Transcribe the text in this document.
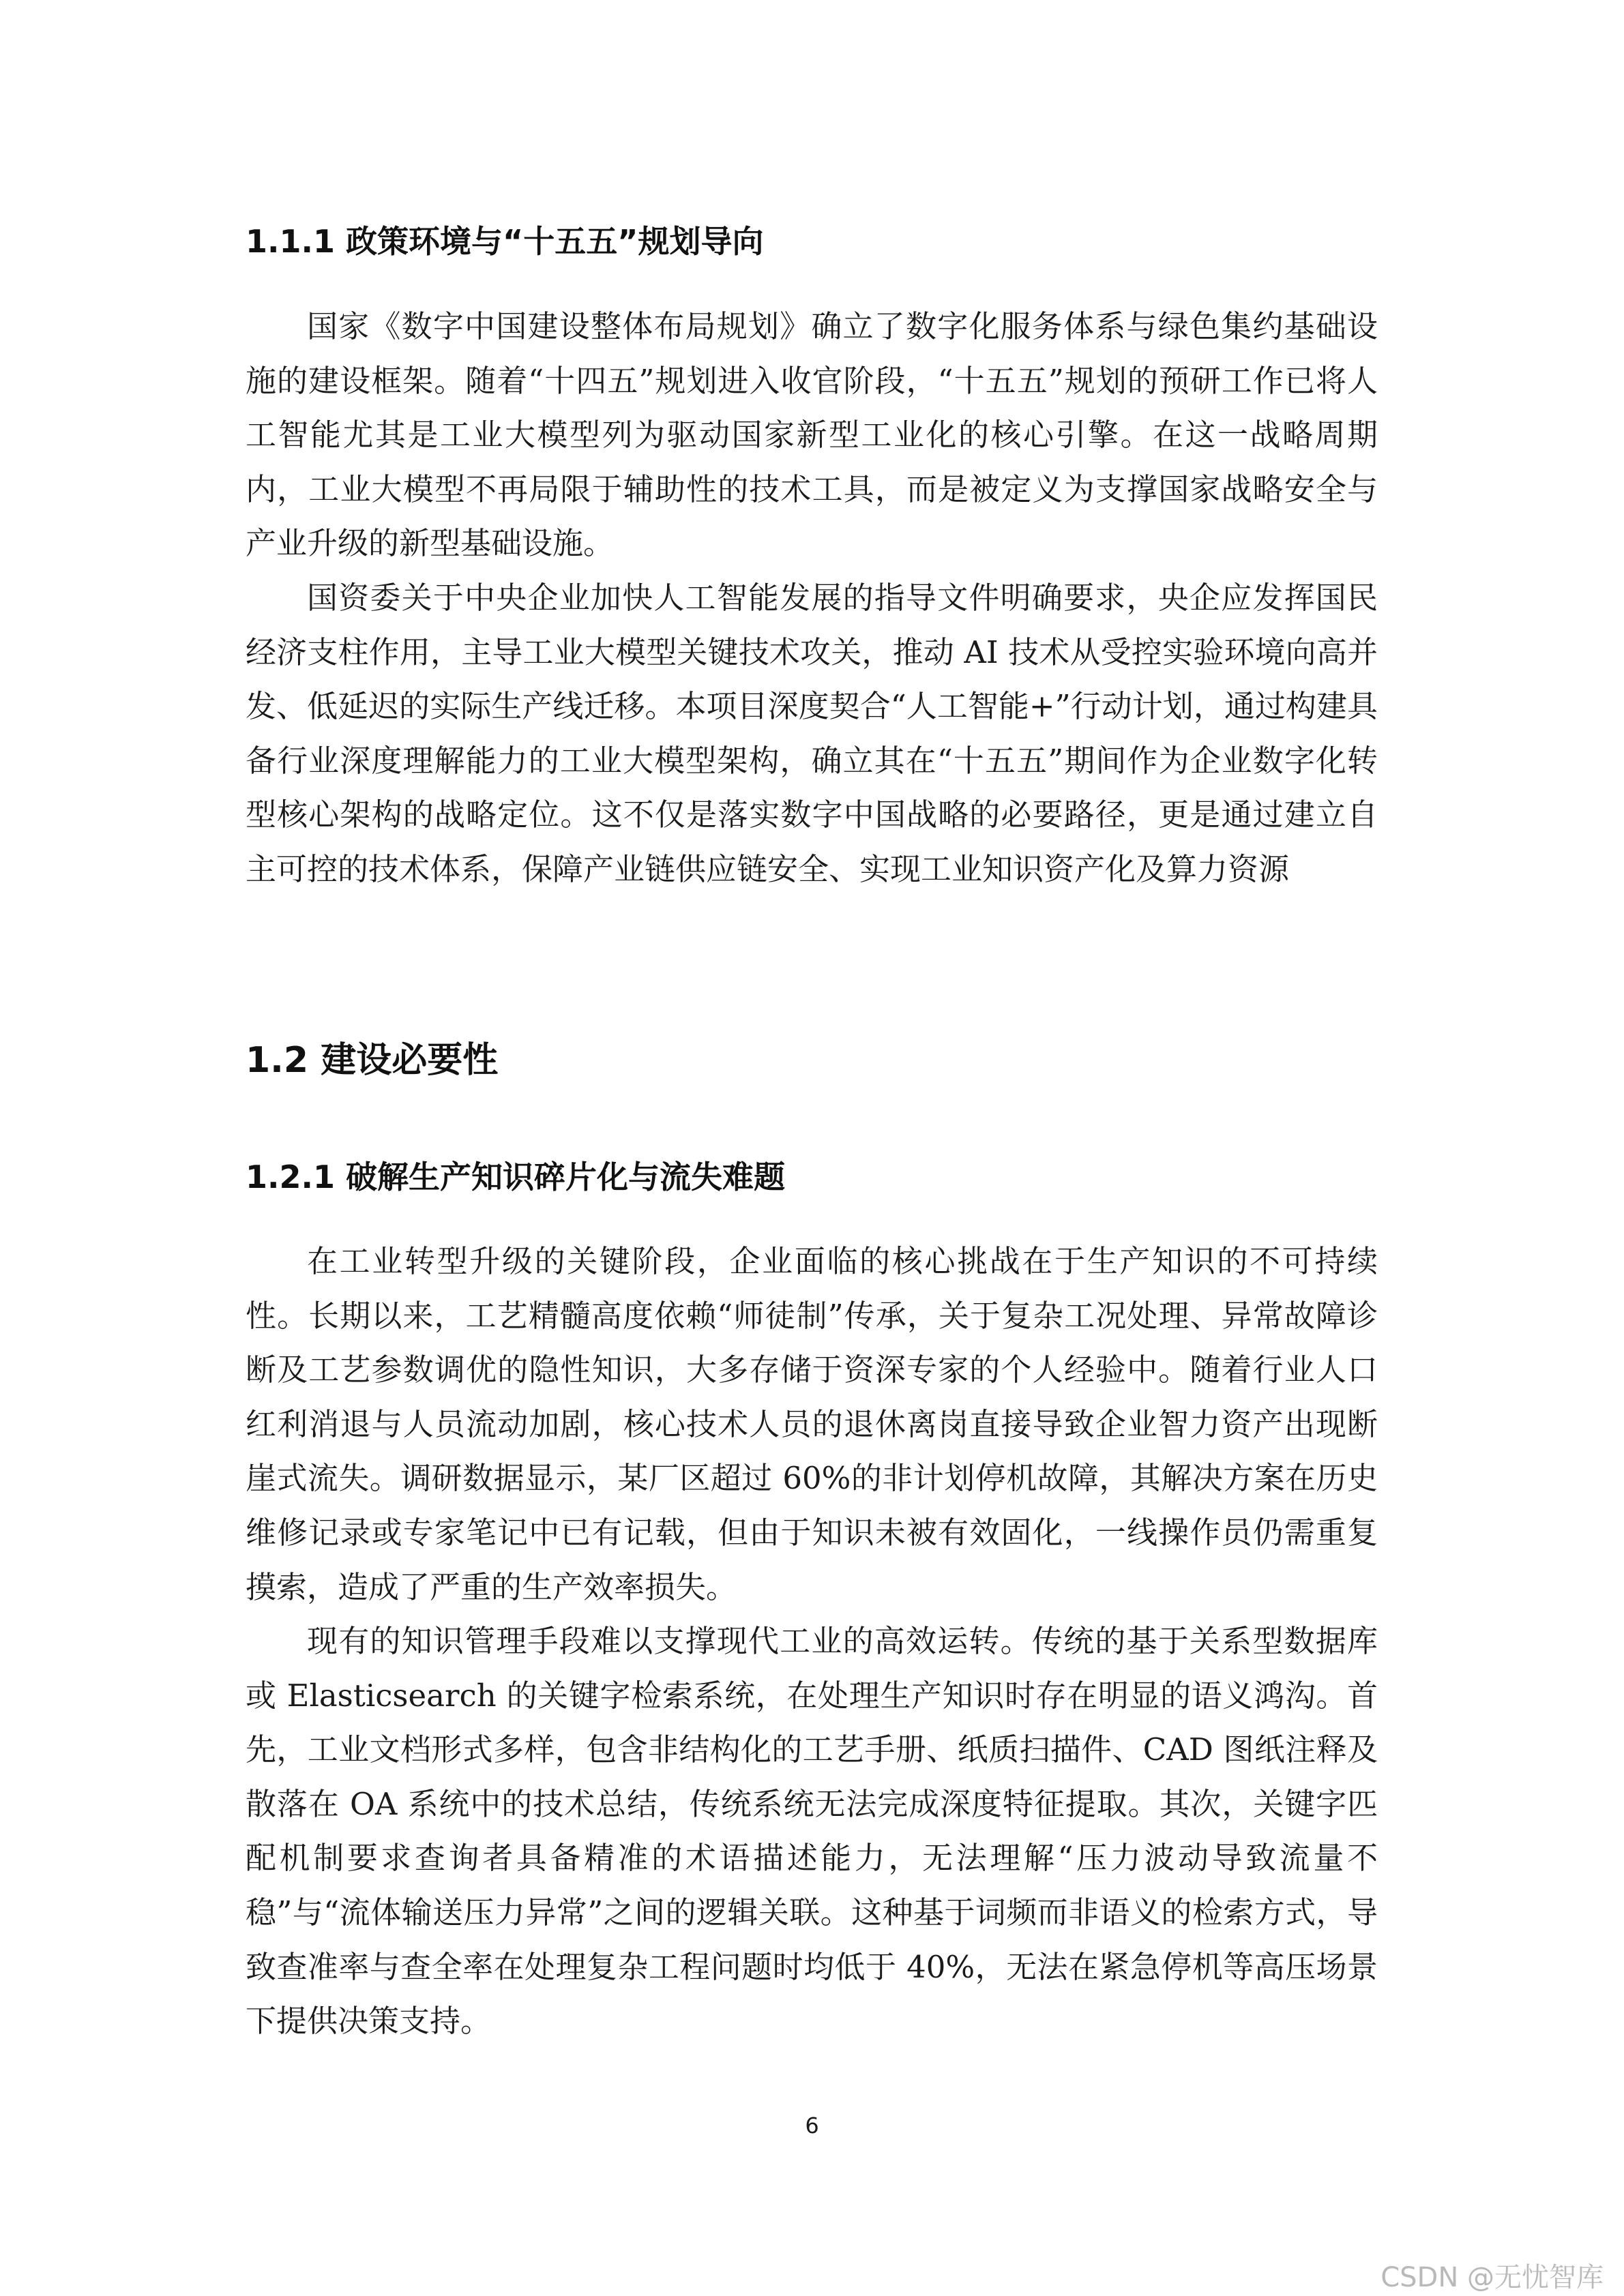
1.1.1 政策环境与“十五五”规划导向

国家《数字中国建设整体布局规划》确立了数字化服务体系与绿色集约基础设施的建设框架。随着“十四五”规划进入收官阶段，“十五五”规划的预研工作已将人工智能尤其是工业大模型列为驱动国家新型工业化的核心引擎。在这一战略周期内，工业大模型不再局限于辅助性的技术工具，而是被定义为支撑国家战略安全与产业升级的新型基础设施。

国资委关于中央企业加快人工智能发展的指导文件明确要求，央企应发挥国民经济支柱作用，主导工业大模型关键技术攻关，推动 AI 技术从受控实验环境向高并发、低延迟的实际生产线迁移。本项目深度契合“人工智能+”行动计划，通过构建具备行业深度理解能力的工业大模型架构，确立其在“十五五”期间作为企业数字化转型核心架构的战略定位。这不仅是落实数字中国战略的必要路径，更是通过建立自主可控的技术体系，保障产业链供应链安全、实现工业知识资产化及算力资源

1.2 建设必要性
1.2.1 破解生产知识碎片化与流失难题

在工业转型升级的关键阶段，企业面临的核心挑战在于生产知识的不可持续性。长期以来，工艺精髓高度依赖“师徒制”传承，关于复杂工况处理、异常故障诊断及工艺参数调优的隐性知识，大多存储于资深专家的个人经验中。随着行业人口红利消退与人员流动加剧，核心技术人员的退休离岗直接导致企业智力资产出现断崖式流失。调研数据显示，某厂区超过 60%的非计划停机故障，其解决方案在历史维修记录或专家笔记中已有记载，但由于知识未被有效固化，一线操作员仍需重复摸索，造成了严重的生产效率损失。

现有的知识管理手段难以支撑现代工业的高效运转。传统的基于关系型数据库或 Elasticsearch 的关键字检索系统，在处理生产知识时存在明显的语义鸿沟。首先，工业文档形式多样，包含非结构化的工艺手册、纸质扫描件、CAD 图纸注释及散落在 OA 系统中的技术总结，传统系统无法完成深度特征提取。其次，关键字匹配机制要求查询者具备精准的术语描述能力，无法理解“压力波动导致流量不稳”与“流体输送压力异常”之间的逻辑关联。这种基于词频而非语义的检索方式，导致查准率与查全率在处理复杂工程问题时均低于 40%，无法在紧急停机等高压场景下提供决策支持。

6
CSDN @无忧智库
